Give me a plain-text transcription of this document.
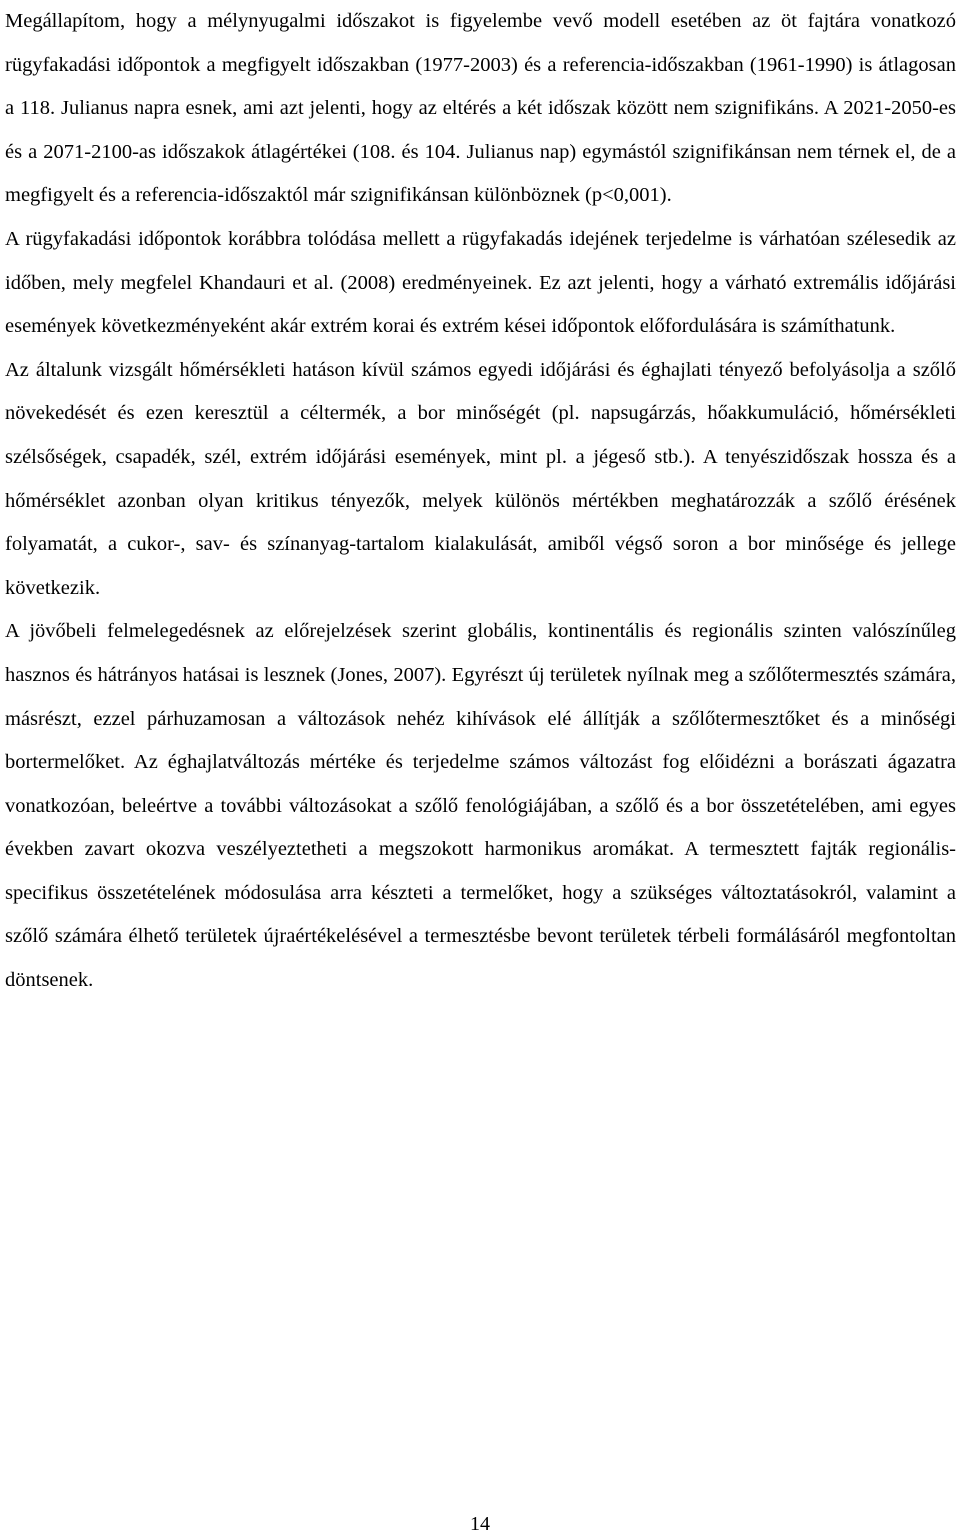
Megállapítom, hogy a mélynyugalmi időszakot is figyelembe vevő modell esetében az öt fajtára vonatkozó rügyfakadási időpontok a megfigyelt időszakban (1977-2003) és a referencia-időszakban (1961-1990) is átlagosan a 118. Julianus napra esnek, ami azt jelenti, hogy az eltérés a két időszak között nem szignifikáns. A 2021-2050-es és a 2071-2100-as időszakok átlagértékei (108. és 104. Julianus nap) egymástól szignifikánsan nem térnek el, de a megfigyelt és a referencia-időszaktól már szignifikánsan különböznek (p<0,001).

A rügyfakadási időpontok korábbra tolódása mellett a rügyfakadás idejének terjedelme is várhatóan szélesedik az időben, mely megfelel Khandauri et al. (2008) eredményeinek. Ez azt jelenti, hogy a várható extremális időjárási események következményeként akár extrém korai és extrém kései időpontok előfordulására is számíthatunk.

Az általunk vizsgált hőmérsékleti hatáson kívül számos egyedi időjárási és éghajlati tényező befolyásolja a szőlő növekedését és ezen keresztül a céltermék, a bor minőségét (pl. napsugárzás, hőakkumuláció, hőmérsékleti szélsőségek, csapadék, szél, extrém időjárási események, mint pl. a jégeső stb.). A tenyészidőszak hossza és a hőmérséklet azonban olyan kritikus tényezők, melyek különös mértékben meghatározzák a szőlő érésének folyamatát, a cukor-, sav- és színanyag-tartalom kialakulását, amiből végső soron a bor minősége és jellege következik.

A jövőbeli felmelegedésnek az előrejelzések szerint globális, kontinentális és regionális szinten valószínűleg hasznos és hátrányos hatásai is lesznek (Jones, 2007). Egyrészt új területek nyílnak meg a szőlőtermesztés számára, másrészt, ezzel párhuzamosan a változások nehéz kihívások elé állítják a szőlőtermesztőket és a minőségi bortermelőket. Az éghajlatváltozás mértéke és terjedelme számos változást fog előidézni a borászati ágazatra vonatkozóan, beleértve a további változásokat a szőlő fenológiájában, a szőlő és a bor összetételében, ami egyes években zavart okozva veszélyeztetheti a megszokott harmonikus aromákat. A termesztett fajták regionális-specifikus összetételének módosulása arra készteti a termelőket, hogy a szükséges változtatásokról, valamint a szőlő számára élhető területek újraértékelésével a termesztésbe bevont területek térbeli formálásáról megfontoltan döntsenek.

14
